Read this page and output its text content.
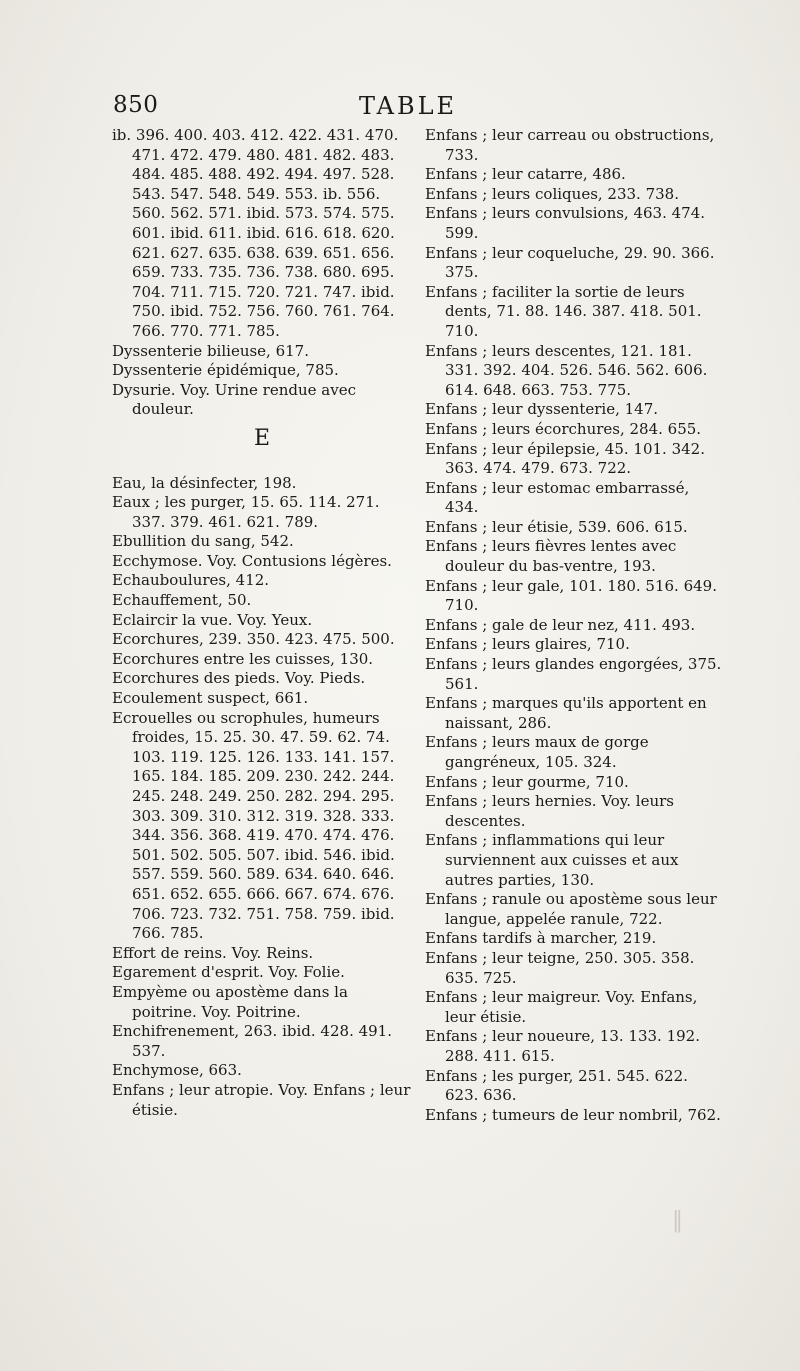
850	TABLE

ib. 396. 400. 403. 412. 422. 431. 470. 471. 472. 479. 480. 481. 482. 483. 484. 485. 488. 492. 494. 497. 528. 543. 547. 548. 549. 553. ib. 556. 560. 562. 571. ibid. 573. 574. 575. 601. ibid. 611. ibid. 616. 618. 620. 621. 627. 635. 638. 639. 651. 656. 659. 733. 735. 736. 738. 680. 695. 704. 711. 715. 720. 721. 747. ibid. 750. ibid. 752. 756. 760. 761. 764. 766. 770. 771. 785.

Dyssenterie bilieuse, 617.

Dyssenterie épidémique, 785.

Dysurie. Voy. Urine rendue avec douleur.

E

Eau, la désinfecter, 198.

Eaux ; les purger, 15. 65. 114. 271. 337. 379. 461. 621. 789.

Ebullition du sang, 542.

Ecchymose. Voy. Contusions légères.

Echauboulures, 412.

Echauffement, 50.

Eclaircir la vue. Voy. Yeux.

Ecorchures, 239. 350. 423. 475. 500.

Ecorchures entre les cuisses, 130.

Ecorchures des pieds. Voy. Pieds.

Ecoulement suspect, 661.

Ecrouelles ou scrophules, humeurs froides, 15. 25. 30. 47. 59. 62. 74. 103. 119. 125. 126. 133. 141. 157. 165. 184. 185. 209. 230. 242. 244. 245. 248. 249. 250. 282. 294. 295. 303. 309. 310. 312. 319. 328. 333. 344. 356. 368. 419. 470. 474. 476. 501. 502. 505. 507. ibid. 546. ibid. 557. 559. 560. 589. 634. 640. 646. 651. 652. 655. 666. 667. 674. 676. 706. 723. 732. 751. 758. 759. ibid. 766. 785.

Effort de reins. Voy. Reins.

Egarement d'esprit. Voy. Folie.

Empyème ou apostème dans la poitrine. Voy. Poitrine.

Enchifrenement, 263. ibid. 428. 491. 537.

Enchymose, 663.

Enfans ; leur atropie. Voy. Enfans ; leur étisie.

Enfans ; leur carreau ou obstructions, 733.

Enfans ; leur catarre, 486.

Enfans ; leurs coliques, 233. 738.

Enfans ; leurs convulsions, 463. 474. 599.

Enfans ; leur coqueluche, 29. 90. 366. 375.

Enfans ; faciliter la sortie de leurs dents, 71. 88. 146. 387. 418. 501. 710.

Enfans ; leurs descentes, 121. 181. 331. 392. 404. 526. 546. 562. 606. 614. 648. 663. 753. 775.

Enfans ; leur dyssenterie, 147.

Enfans ; leurs écorchures, 284. 655.

Enfans ; leur épilepsie, 45. 101. 342. 363. 474. 479. 673. 722.

Enfans ; leur estomac embarrassé, 434.

Enfans ; leur étisie, 539. 606. 615.

Enfans ; leurs fièvres lentes avec douleur du bas-ventre, 193.

Enfans ; leur gale, 101. 180. 516. 649. 710.

Enfans ; gale de leur nez, 411. 493.

Enfans ; leurs glaires, 710.

Enfans ; leurs glandes engorgées, 375. 561.

Enfans ; marques qu'ils apportent en naissant, 286.

Enfans ; leurs maux de gorge gangréneux, 105. 324.

Enfans ; leur gourme, 710.

Enfans ; leurs hernies. Voy. leurs descentes.

Enfans ; inflammations qui leur surviennent aux cuisses et aux autres parties, 130.

Enfans ; ranule ou apostème sous leur langue, appelée ranule, 722.

Enfans tardifs à marcher, 219.

Enfans ; leur teigne, 250. 305. 358. 635. 725.

Enfans ; leur maigreur. Voy. Enfans, leur étisie.

Enfans ; leur noueure, 13. 133. 192. 288. 411. 615.

Enfans ; les purger, 251. 545. 622. 623. 636.

Enfans ; tumeurs de leur nombril, 762.

‖
